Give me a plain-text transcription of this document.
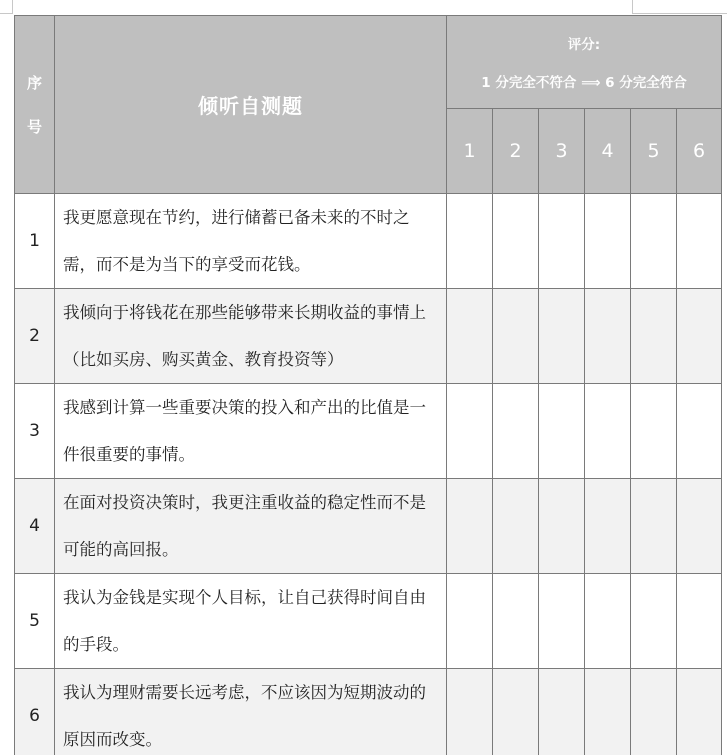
序
号	倾听自测题	评分:
1 分完全不符合 ⟹ 6 分完全符合					

		1	2	3	4	5	6
1	我更愿意现在节约，进行储蓄已备未来的不时之需，而不是为当下的享受而花钱。						
2	我倾向于将钱花在那些能够带来长期收益的事情上（比如买房、购买黄金、教育投资等）						
3	我感到计算一些重要决策的投入和产出的比值是一件很重要的事情。						
4	在面对投资决策时，我更注重收益的稳定性而不是可能的高回报。						
5	我认为金钱是实现个人目标，让自己获得时间自由的手段。						
6	我认为理财需要长远考虑，不应该因为短期波动的原因而改变。						
